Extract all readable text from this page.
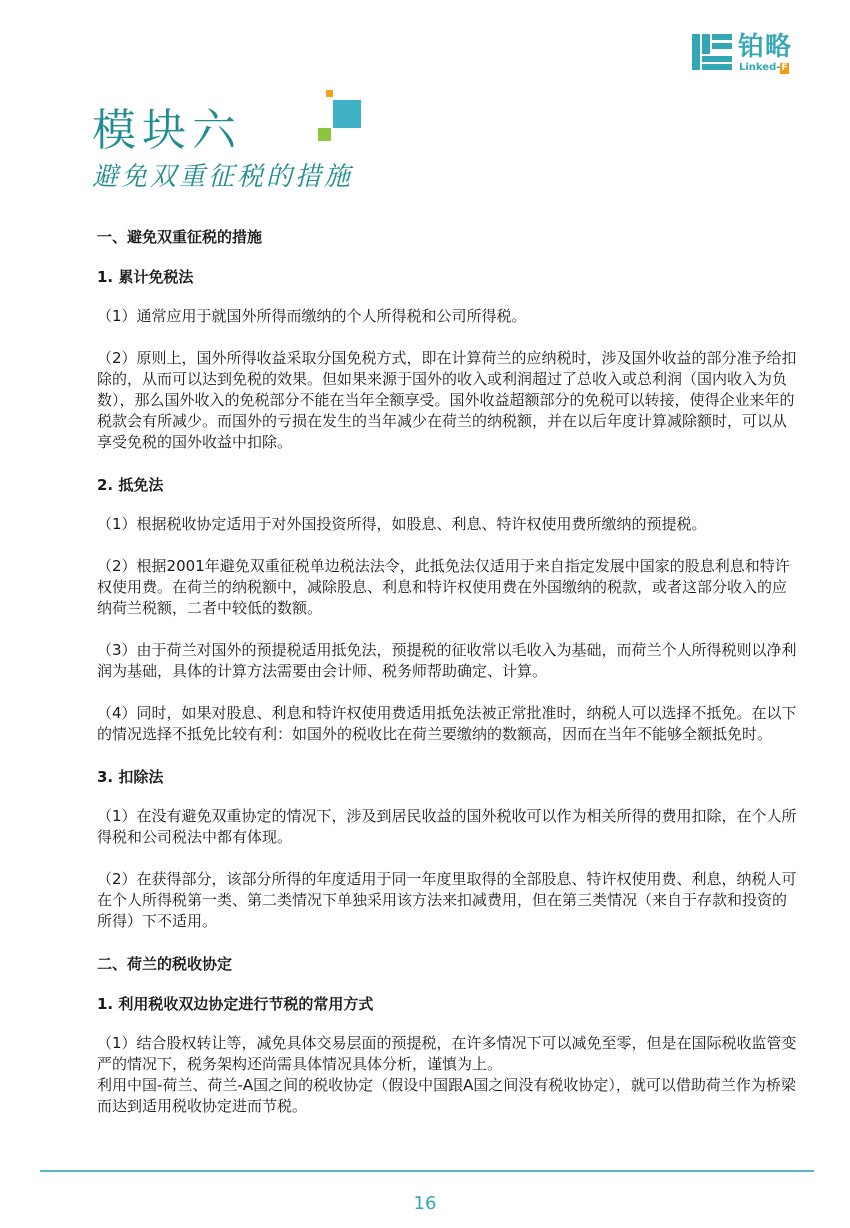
铂略
Linked-F
模块六
避免双重征税的措施
一、避免双重征税的措施
1. 累计免税法
（1）通常应用于就国外所得而缴纳的个人所得税和公司所得税。
（2）原则上，国外所得收益采取分国免税方式，即在计算荷兰的应纳税时，涉及国外收益的部分准予给扣除的，从而可以达到免税的效果。但如果来源于国外的收入或利润超过了总收入或总利润（国内收入为负数），那么国外收入的免税部分不能在当年全额享受。国外收益超额部分的免税可以转接，使得企业来年的税款会有所减少。而国外的亏损在发生的当年减少在荷兰的纳税额，并在以后年度计算减除额时，可以从享受免税的国外收益中扣除。
2. 抵免法
（1）根据税收协定适用于对外国投资所得，如股息、利息、特许权使用费所缴纳的预提税。
（2）根据2001年避免双重征税单边税法法令，此抵免法仅适用于来自指定发展中国家的股息利息和特许权使用费。在荷兰的纳税额中，减除股息、利息和特许权使用费在外国缴纳的税款，或者这部分收入的应纳荷兰税额，二者中较低的数额。
（3）由于荷兰对国外的预提税适用抵免法，预提税的征收常以毛收入为基础，而荷兰个人所得税则以净利润为基础，具体的计算方法需要由会计师、税务师帮助确定、计算。
（4）同时，如果对股息、利息和特许权使用费适用抵免法被正常批准时，纳税人可以选择不抵免。在以下的情况选择不抵免比较有利：如国外的税收比在荷兰要缴纳的数额高，因而在当年不能够全额抵免时。
3. 扣除法
（1）在没有避免双重协定的情况下，涉及到居民收益的国外税收可以作为相关所得的费用扣除，在个人所得税和公司税法中都有体现。
（2）在获得部分，该部分所得的年度适用于同一年度里取得的全部股息、特许权使用费、利息，纳税人可在个人所得税第一类、第二类情况下单独采用该方法来扣减费用，但在第三类情况（来自于存款和投资的所得）下不适用。
二、荷兰的税收协定
1. 利用税收双边协定进行节税的常用方式
（1）结合股权转让等，减免具体交易层面的预提税，在许多情况下可以减免至零，但是在国际税收监管变严的情况下，税务架构还尚需具体情况具体分析，谨慎为上。
利用中国-荷兰、荷兰-A国之间的税收协定（假设中国跟A国之间没有税收协定），就可以借助荷兰作为桥梁而达到适用税收协定进而节税。
16
